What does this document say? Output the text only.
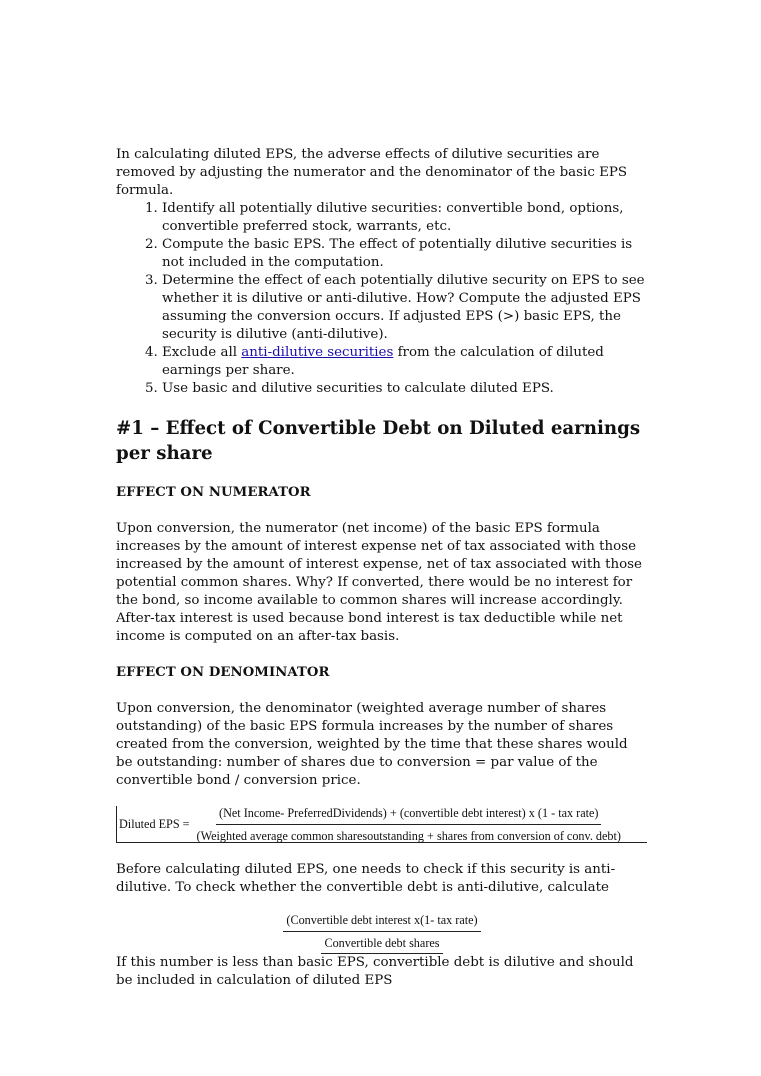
In calculating diluted EPS, the adverse effects of dilutive securities are removed by adjusting the numerator and the denominator of the basic EPS formula.

1. Identify all potentially dilutive securities: convertible bond, options, convertible preferred stock, warrants, etc.
2. Compute the basic EPS. The effect of potentially dilutive securities is not included in the computation.
3. Determine the effect of each potentially dilutive security on EPS to see whether it is dilutive or anti-dilutive. How? Compute the adjusted EPS assuming the conversion occurs. If adjusted EPS (>) basic EPS, the security is dilutive (anti-dilutive).
4. Exclude all anti-dilutive securities from the calculation of diluted earnings per share.
5. Use basic and dilutive securities to calculate diluted EPS.
#1 – Effect of Convertible Debt on Diluted earnings per share
EFFECT ON NUMERATOR

Upon conversion, the numerator (net income) of the basic EPS formula increases by the amount of interest expense net of tax associated with those increased by the amount of interest expense, net of tax associated with those potential common shares. Why? If converted, there would be no interest for the bond, so income available to common shares will increase accordingly. After-tax interest is used because bond interest is tax deductible while net income is computed on an after-tax basis.

EFFECT ON DENOMINATOR

Upon conversion, the denominator (weighted average number of shares outstanding) of the basic EPS formula increases by the number of shares created from the conversion, weighted by the time that these shares would be outstanding: number of shares due to conversion = par value of the convertible bond / conversion price.

Diluted EPS =
(Net Income- PreferredDividends) + (convertible debt interest) x (1 - tax rate)
(Weighted average common sharesoutstanding + shares from conversion of conv. debt)

Before calculating diluted EPS, one needs to check if this security is anti-dilutive. To check whether the convertible debt is anti-dilutive, calculate

$\frac{\text{(Convertible debt interest x(1- tax rate)}}{\text{Convertible debt shares}}$

If this number is less than basic EPS, convertible debt is dilutive and should be included in calculation of diluted EPS
